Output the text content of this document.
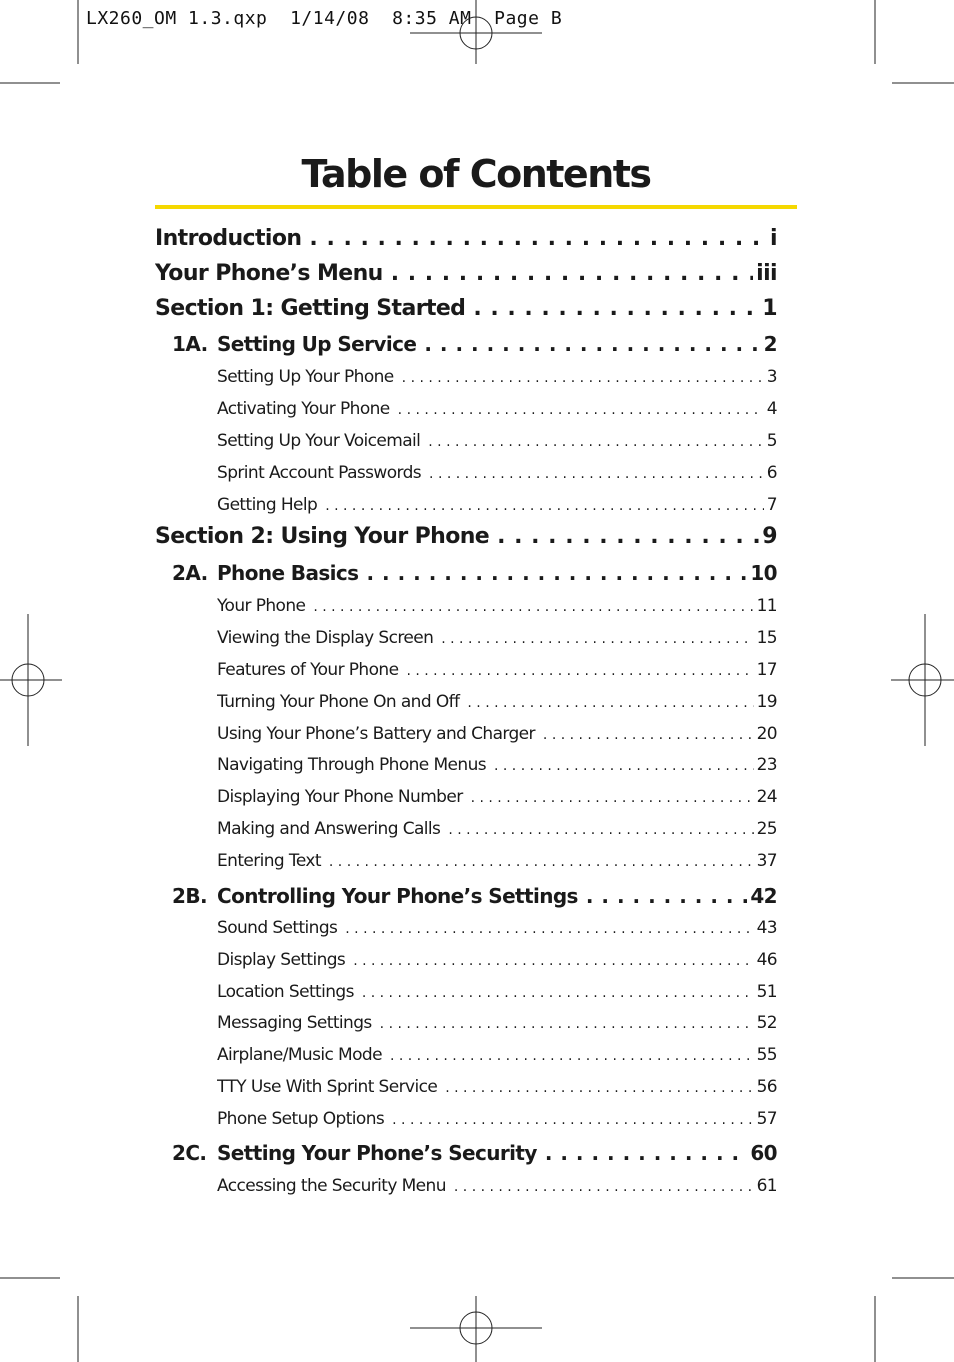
LX260_OM 1.3.qxp  1/14/08  8:35 AM  Page B
Table of Contents
Introduction . . .	i
Your Phone’s Menu . . .	iii
Section 1: Getting Started . . .	1
1A. Setting Up Service . . .	2
Setting Up Your Phone . . .	3
Activating Your Phone . . .	4
Setting Up Your Voicemail . . .	5
Sprint Account Passwords . . .	6
Getting Help . . .	7
Section 2: Using Your Phone . . .	9
2A. Phone Basics . . .	10
Your Phone . . .	11
Viewing the Display Screen . . .	15
Features of Your Phone . . .	17
Turning Your Phone On and Off . . .	19
Using Your Phone’s Battery and Charger . . .	20
Navigating Through Phone Menus . . .	23
Displaying Your Phone Number . . .	24
Making and Answering Calls . . .	25
Entering Text . . .	37
2B. Controlling Your Phone’s Settings . . .	42
Sound Settings . . .	43
Display Settings . . .	46
Location Settings . . .	51
Messaging Settings . . .	52
Airplane/Music Mode . . .	55
TTY Use With Sprint Service . . .	56
Phone Setup Options . . .	57
2C. Setting Your Phone’s Security . . .	60
Accessing the Security Menu . . .	61
